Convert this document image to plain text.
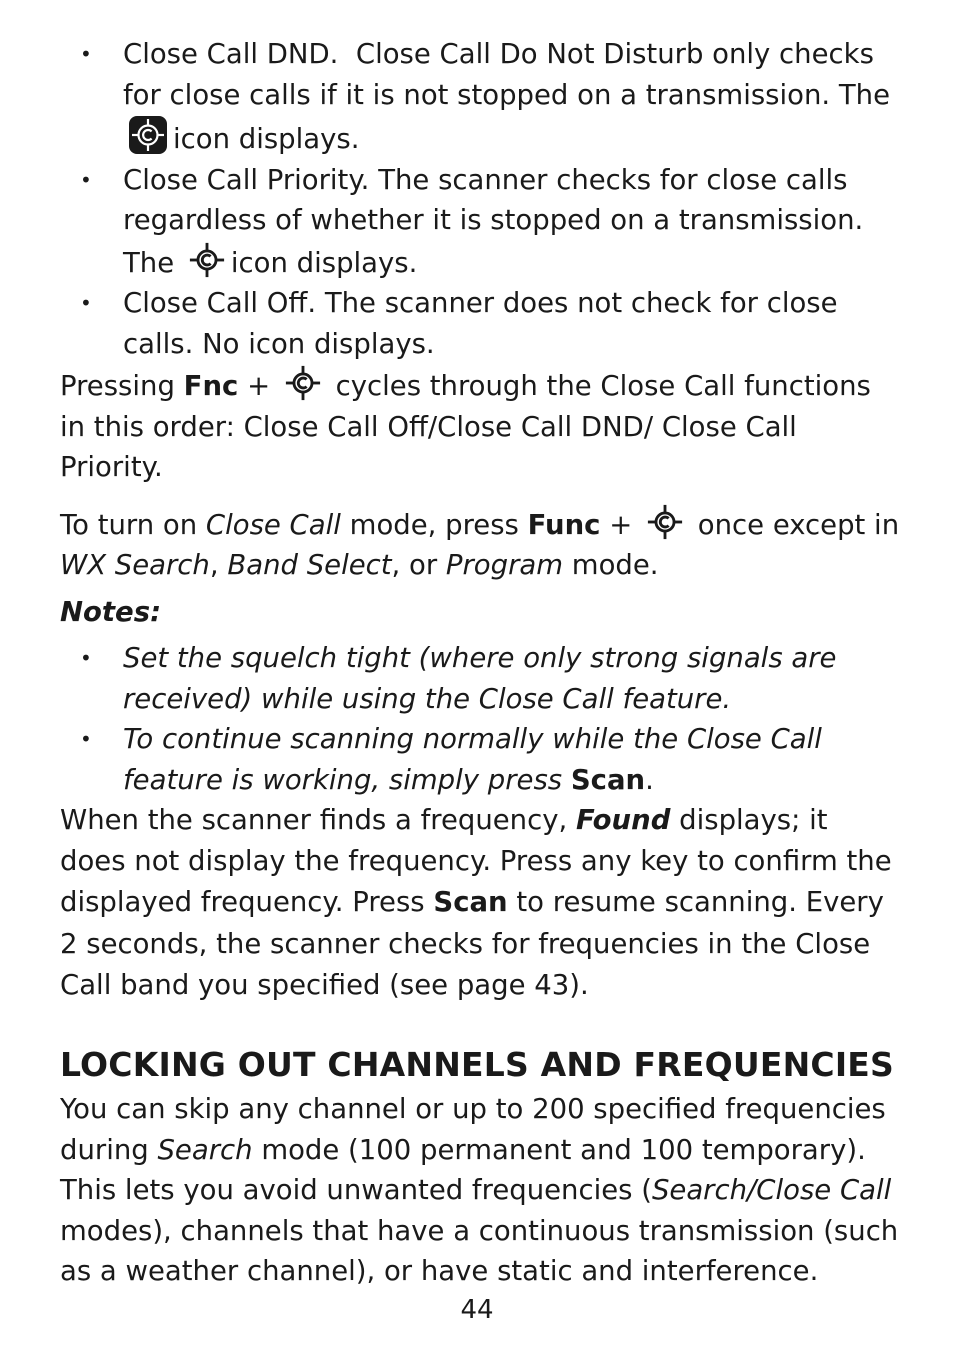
• Close Call DND. Close Call Do Not Disturb only checks for close calls if it is not stopped on a transmission. The
icon displays.
• Close Call Priority. The scanner checks for close calls regardless of whether it is stopped on a transmission. The icon displays.
• Close Call Off. The scanner does not check for close calls. No icon displays.

Pressing Fnc + cycles through the Close Call functions in this order: Close Call Off/Close Call DND/ Close Call Priority.

To turn on Close Call mode, press Func + once except in WX Search, Band Select, or Program mode.

Notes:

• Set the squelch tight (where only strong signals are received) while using the Close Call feature.
• To continue scanning normally while the Close Call feature is working, simply press Scan.

When the scanner finds a frequency, Found displays; it does not display the frequency. Press any key to confirm the displayed frequency. Press Scan to resume scanning. Every 2 seconds, the scanner checks for frequencies in the Close Call band you specified (see page 43).

LOCKING OUT CHANNELS AND FREQUENCIES

You can skip any channel or up to 200 specified frequencies during Search mode (100 permanent and 100 temporary). This lets you avoid unwanted frequencies (Search/Close Call modes), channels that have a continuous transmission (such as a weather channel), or have static and interference.

44
